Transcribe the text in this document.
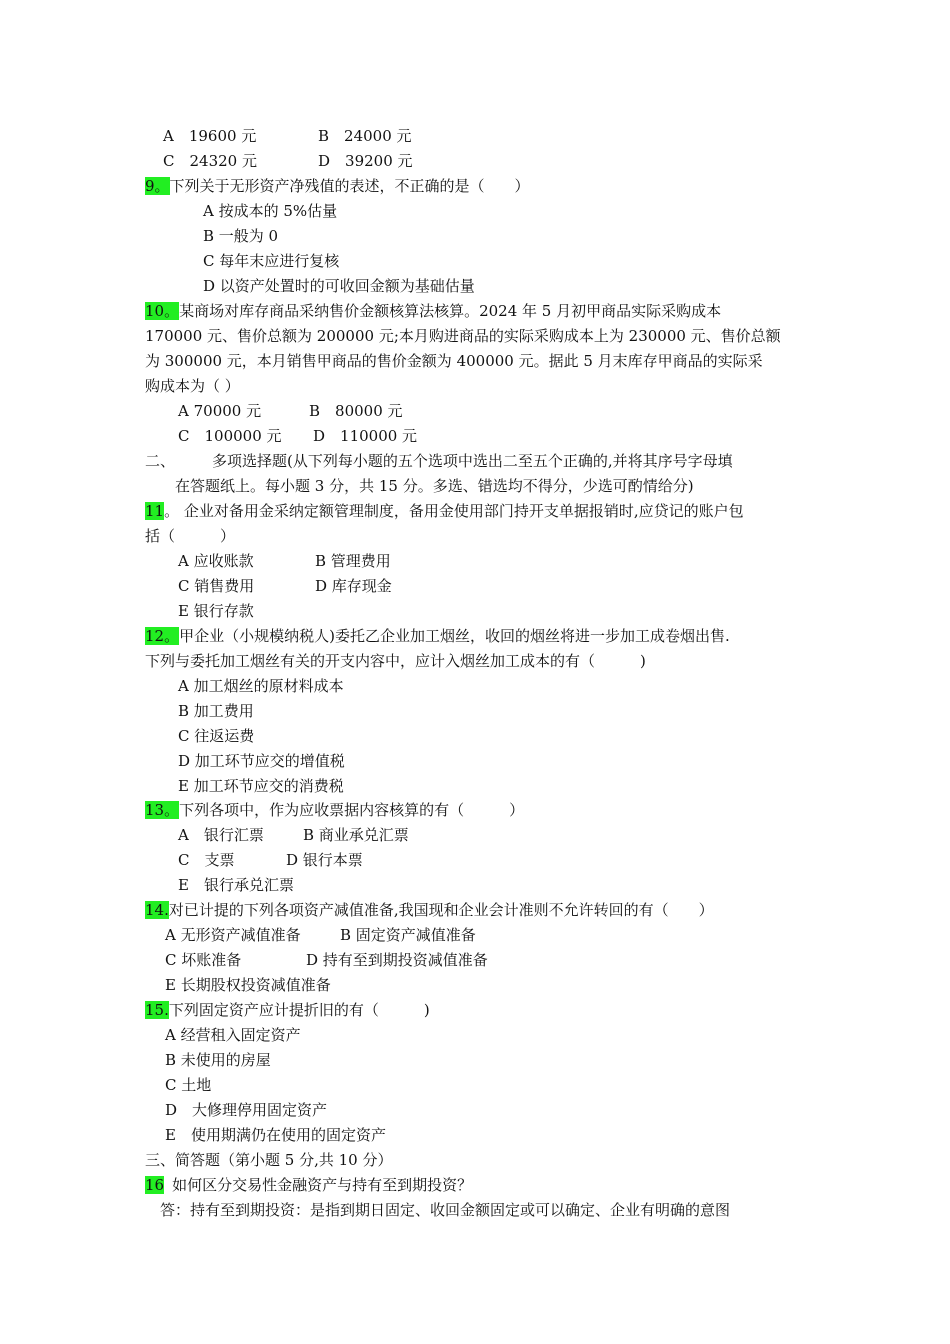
A　19600 元	B　24000 元
C　24320 元	D　39200 元
9。下列关于无形资产净残值的表述，不正确的是（　　）
A 按成本的 5%估量
B 一般为 0
C 每年末应进行复核
D 以资产处置时的可收回金额为基础估量
10。某商场对库存商品采纳售价金额核算法核算。2024 年 5 月初甲商品实际采购成本
170000 元、售价总额为 200000 元;本月购进商品的实际采购成本上为 230000 元、售价总额
为 300000 元，本月销售甲商品的售价金额为 400000 元。据此 5 月末库存甲商品的实际采
购成本为（ ）
A 70000 元	B　80000 元
C　100000 元 D　110000 元
二、 多项选择题(从下列每小题的五个选项中选出二至五个正确的,并将其序号字母填
在答题纸上。每小题 3 分，共 15 分。多选、错选均不得分，少选可酌情给分)
11。 企业对备用金采纳定额管理制度，备用金使用部门持开支单据报销时,应贷记的账户包
括（　　　）
A 应收账款	B 管理费用
C 销售费用	D 库存现金
E 银行存款
12。甲企业（小规模纳税人)委托乙企业加工烟丝，收回的烟丝将进一步加工成卷烟出售.
下列与委托加工烟丝有关的开支内容中，应计入烟丝加工成本的有（　　　)
A 加工烟丝的原材料成本
B 加工费用
C 往返运费
D 加工环节应交的增值税
E 加工环节应交的消费税
13。下列各项中，作为应收票据内容核算的有（　　　）
A　银行汇票	B 商业承兑汇票
C　支票	D 银行本票
E　银行承兑汇票
14.对已计提的下列各项资产减值准备,我国现和企业会计准则不允许转回的有（　　）
A 无形资产减值准备	B 固定资产减值准备
C 坏账准备	D 持有至到期投资减值准备
E 长期股权投资减值准备
15.下列固定资产应计提折旧的有（　　　)
A 经营租入固定资产
B 未使用的房屋
C 土地
D　大修理停用固定资产
E　使用期满仍在使用的固定资产
三、简答题（第小题 5 分,共 10 分）
16 如何区分交易性金融资产与持有至到期投资？
答：持有至到期投资：是指到期日固定、收回金额固定或可以确定、企业有明确的意图
